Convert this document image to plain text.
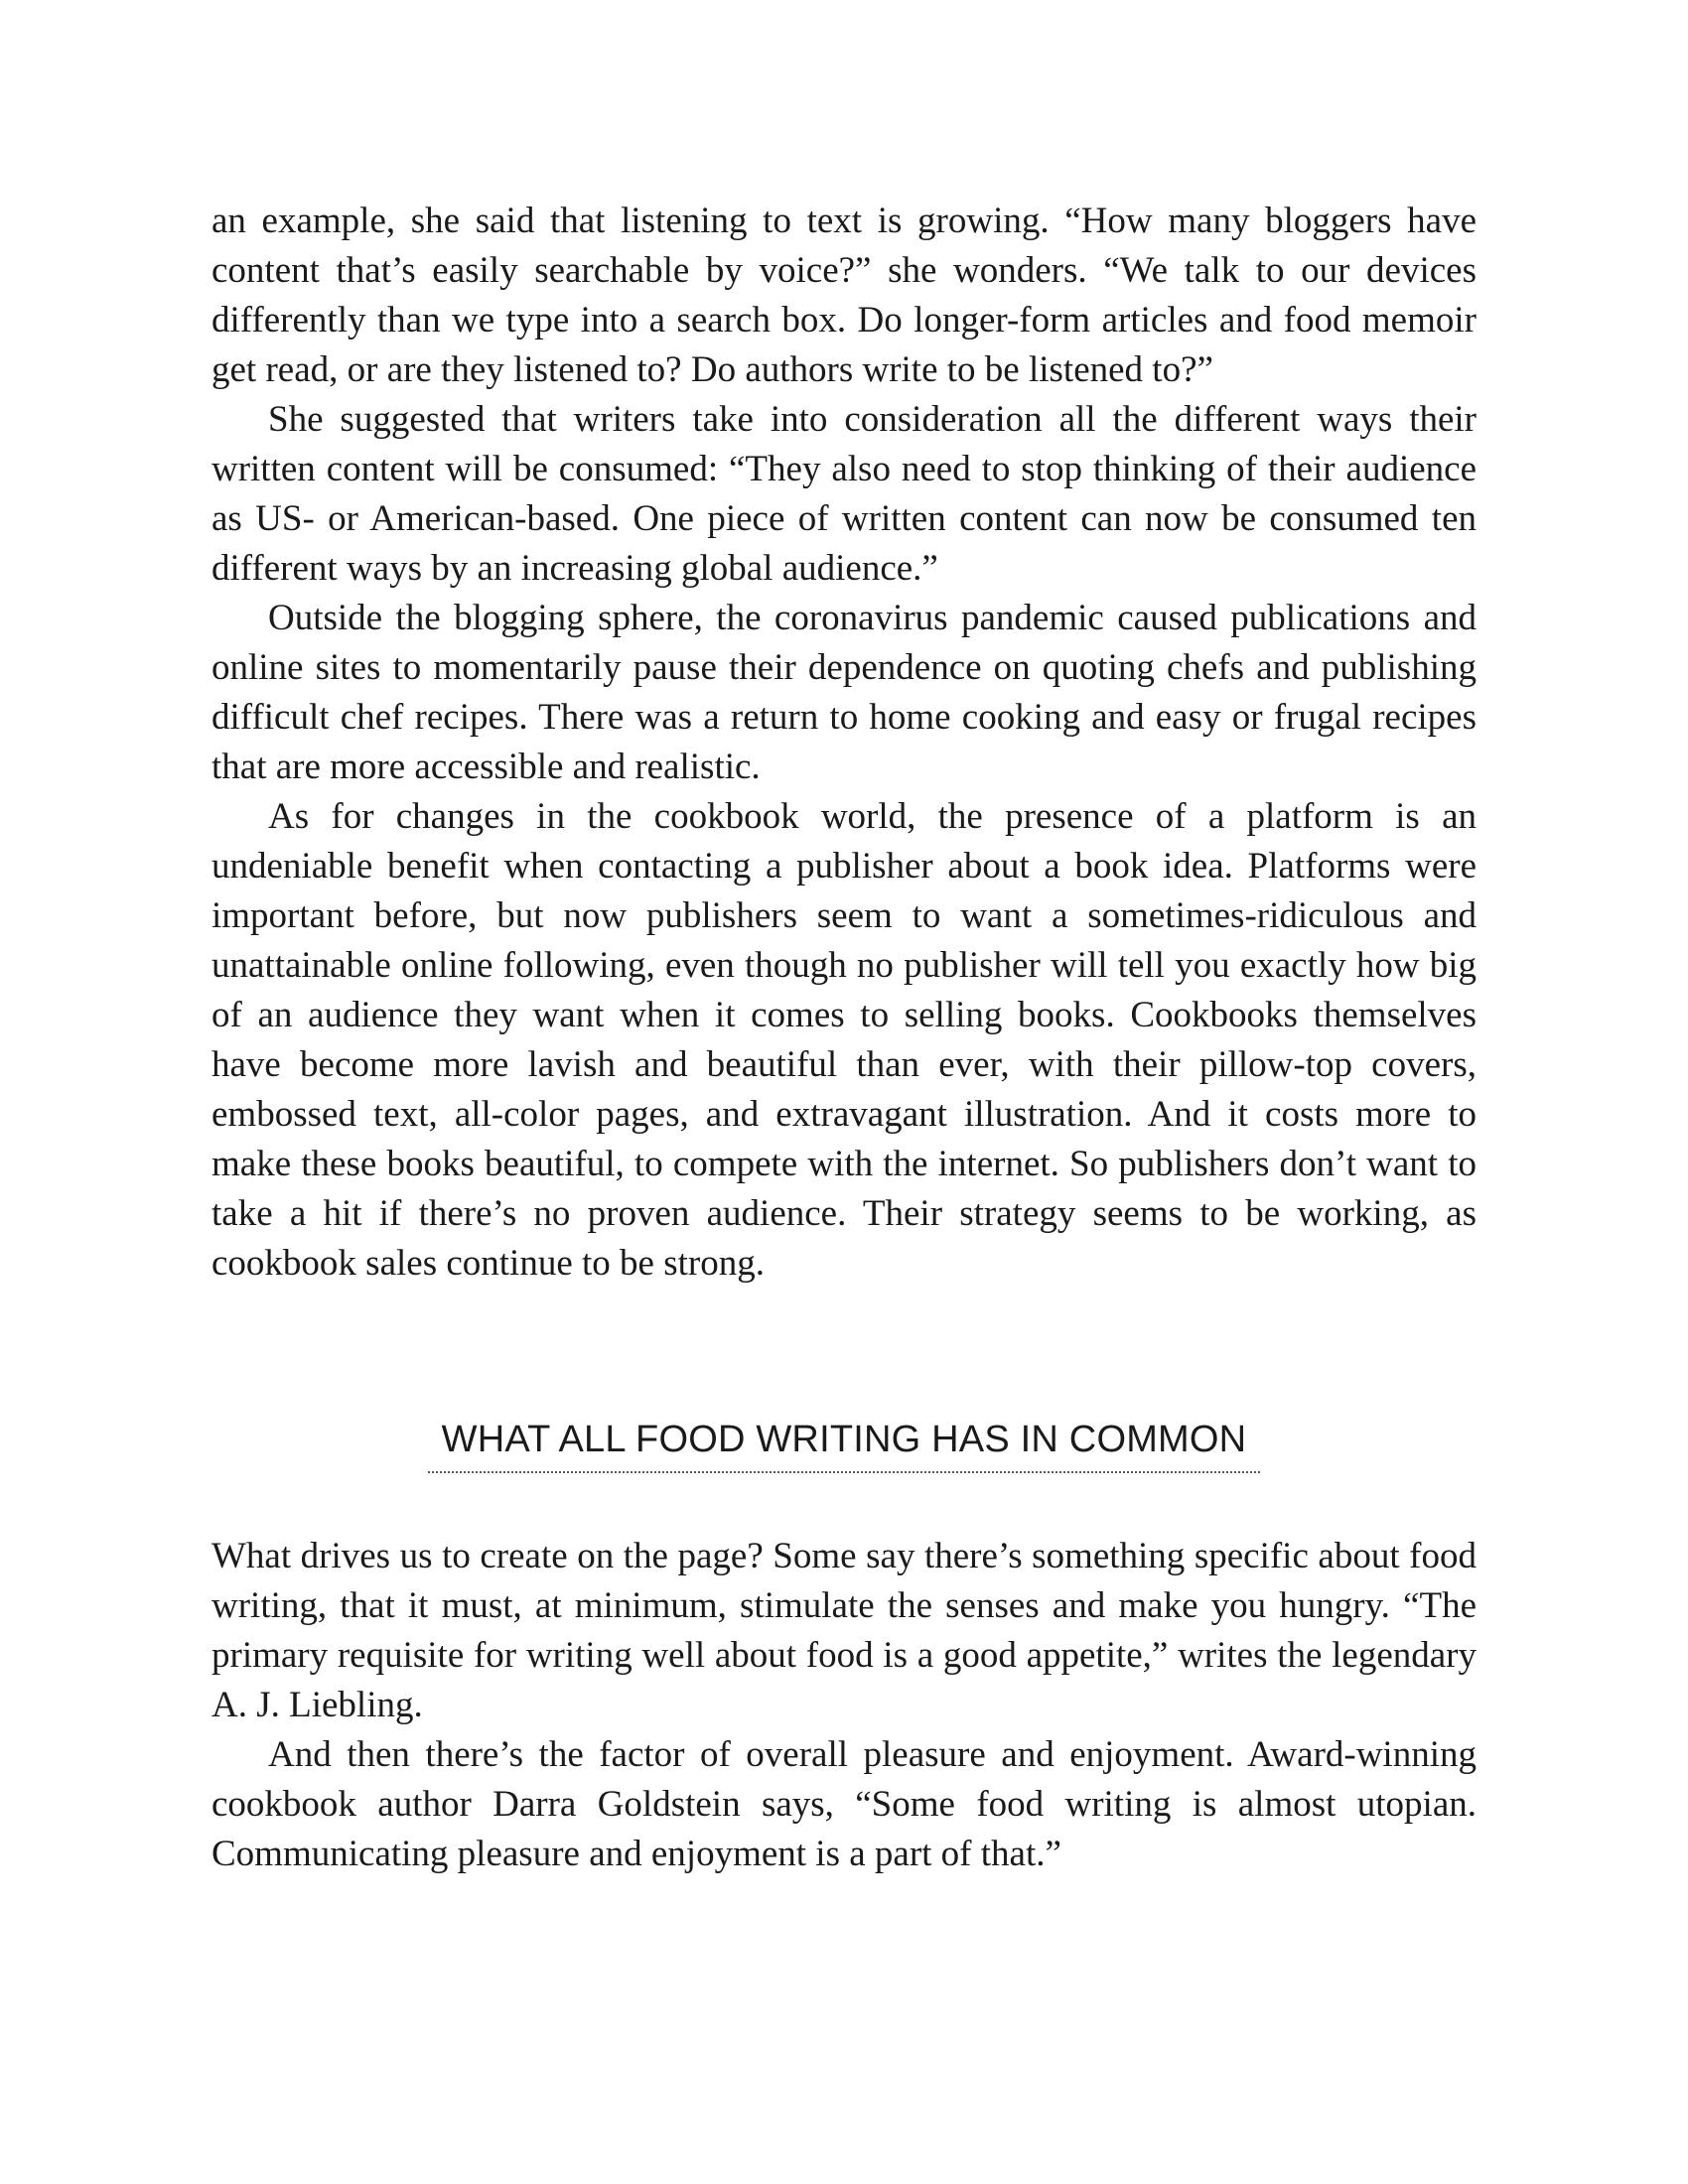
an example, she said that listening to text is growing. “How many bloggers have content that’s easily searchable by voice?” she wonders. “We talk to our devices differently than we type into a search box. Do longer-form articles and food memoir get read, or are they listened to? Do authors write to be listened to?”

She suggested that writers take into consideration all the different ways their written content will be consumed: “They also need to stop thinking of their audience as US- or American-based. One piece of written content can now be consumed ten different ways by an increasing global audience.”

Outside the blogging sphere, the coronavirus pandemic caused publications and online sites to momentarily pause their dependence on quoting chefs and publishing difficult chef recipes. There was a return to home cooking and easy or frugal recipes that are more accessible and realistic.

As for changes in the cookbook world, the presence of a platform is an undeniable benefit when contacting a publisher about a book idea. Platforms were important before, but now publishers seem to want a sometimes-ridiculous and unattainable online following, even though no publisher will tell you exactly how big of an audience they want when it comes to selling books. Cookbooks themselves have become more lavish and beautiful than ever, with their pillow-top covers, embossed text, all-color pages, and extravagant illustration. And it costs more to make these books beautiful, to compete with the internet. So publishers don’t want to take a hit if there’s no proven audience. Their strategy seems to be working, as cookbook sales continue to be strong.

WHAT ALL FOOD WRITING HAS IN COMMON

What drives us to create on the page? Some say there’s something specific about food writing, that it must, at minimum, stimulate the senses and make you hungry. “The primary requisite for writing well about food is a good appetite,” writes the legendary A. J. Liebling.

And then there’s the factor of overall pleasure and enjoyment. Award-winning cookbook author Darra Goldstein says, “Some food writing is almost utopian. Communicating pleasure and enjoyment is a part of that.”
